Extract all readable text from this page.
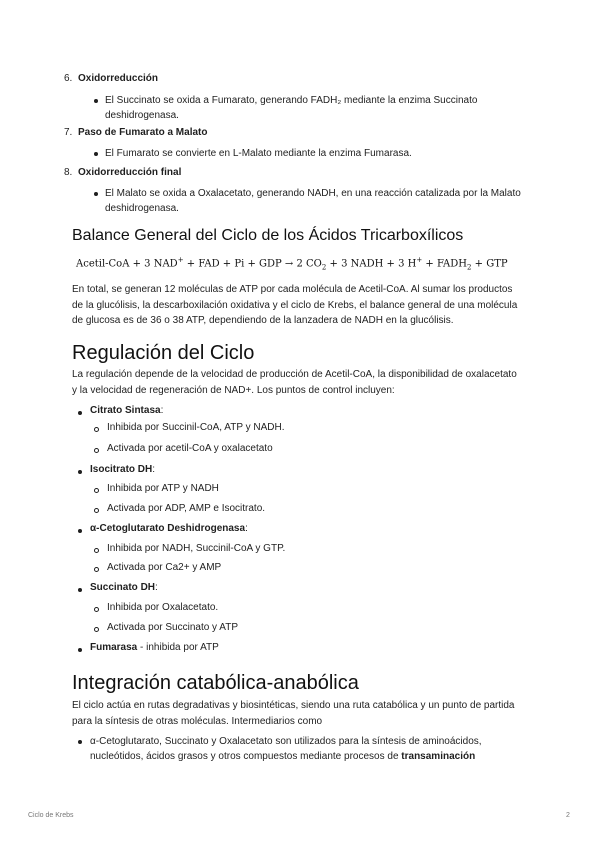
6. Oxidorreducción
El Succinato se oxida a Fumarato, generando FADH₂ mediante la enzima Succinato
deshidrogenasa.
7. Paso de Fumarato a Malato
El Fumarato se convierte en L-Malato mediante la enzima Fumarasa.
8. Oxidorreducción final
El Malato se oxida a Oxalacetato, generando NADH, en una reacción catalizada por la Malato
deshidrogenasa.
Balance General del Ciclo de los Ácidos Tricarboxílicos
Acetil-CoA + 3 NAD+ + FAD + Pi + GDP → 2 $CO_2 + 3$ NADH + 3 $H^+ + FADH_2$ + GTP
En total, se generan 12 moléculas de ATP por cada molécula de Acetil-CoA. Al sumar los productos
de la glucólisis, la descarboxilación oxidativa y el ciclo de Krebs, el balance general de una molécula
de glucosa es de 36 o 38 ATP, dependiendo de la lanzadera de NADH en la glucólisis.
Regulación del Ciclo
La regulación depende de la velocidad de producción de Acetil-CoA, la disponibilidad de oxalacetato
y la velocidad de regeneración de NAD+. Los puntos de control incluyen:
Citrato Sintasa:
Inhibida por Succinil-CoA, ATP y NADH.
Activada por acetil-CoA y oxalacetato
Isocitrato DH:
Inhibida por ATP y NADH
Activada por ADP, AMP e Isocitrato.
α-Cetoglutarato Deshidrogenasa:
Inhibida por NADH, Succinil-CoA y GTP.
Activada por Ca2+ y AMP
Succinato DH:
Inhibida por Oxalacetato.
Activada por Succinato y ATP
Fumarasa - inhibida por ATP
Integración catabólica-anabólica
El ciclo actúa en rutas degradativas y biosintéticas, siendo una ruta catabólica y un punto de partida
para la síntesis de otras moléculas. Intermediarios como
α-Cetoglutarato, Succinato y Oxalacetato son utilizados para la síntesis de aminoácidos,
nucleótidos, ácidos grasos y otros compuestos mediante procesos de transaminación
Ciclo de Krebs	2
